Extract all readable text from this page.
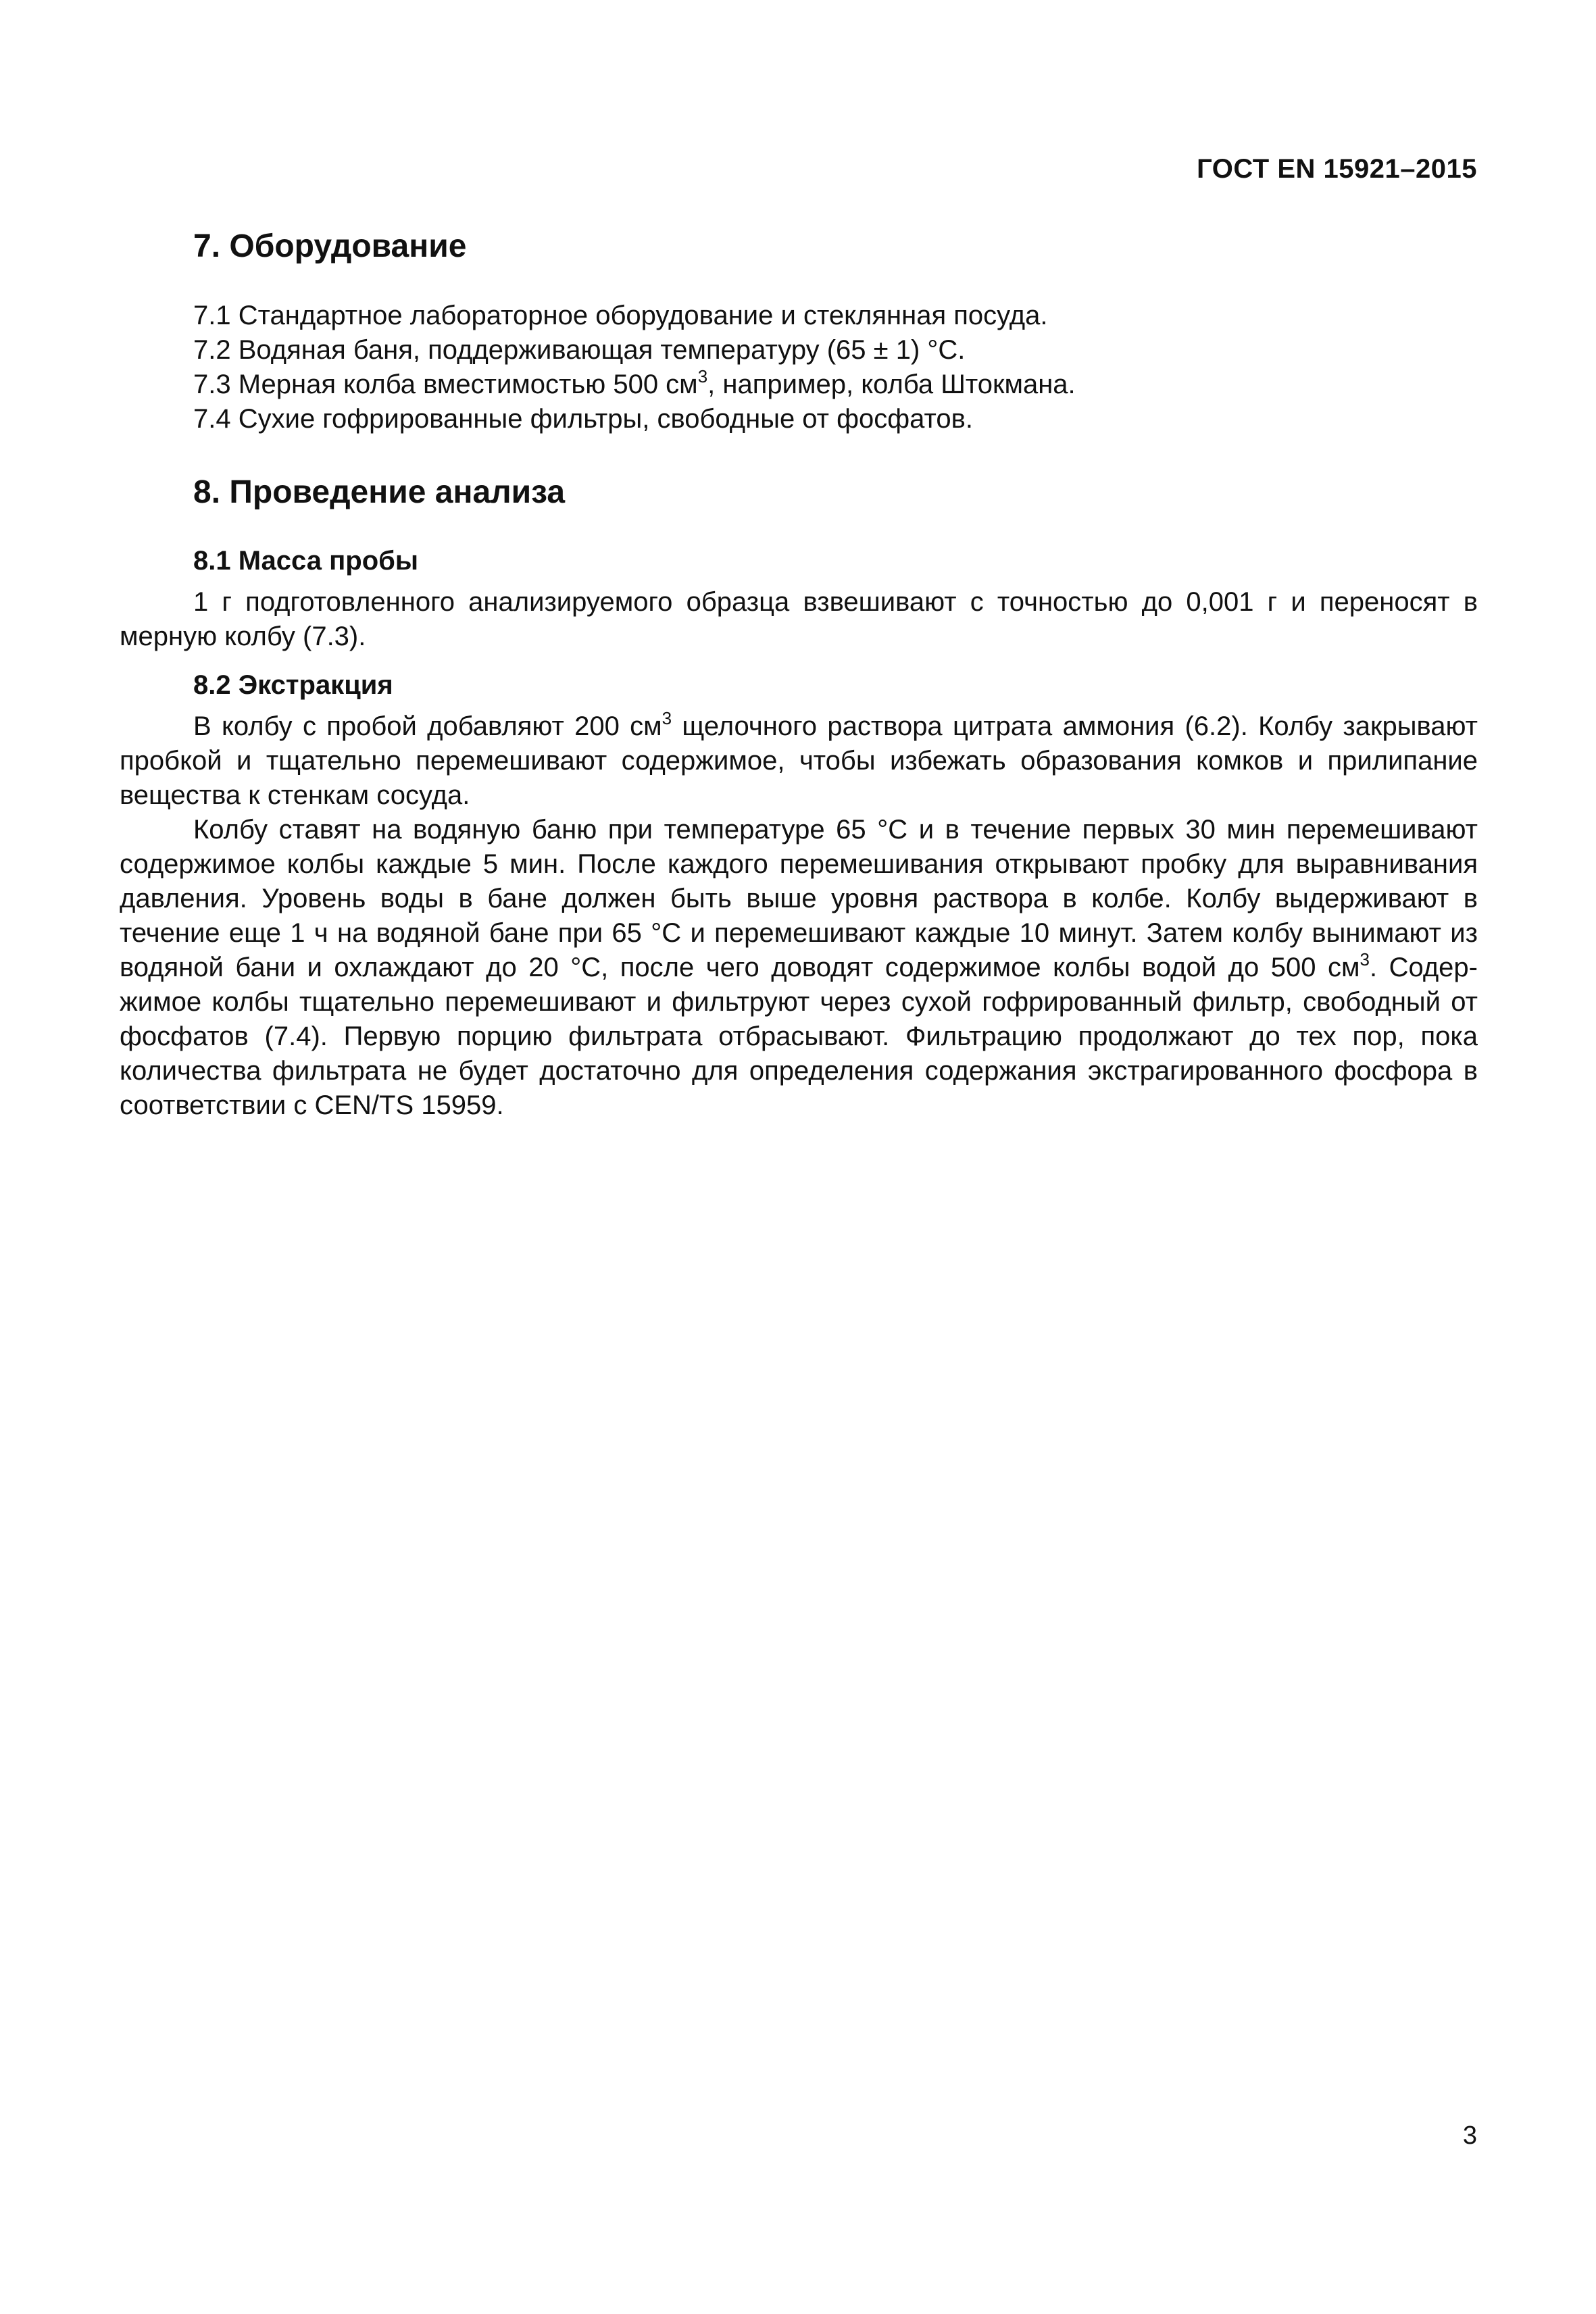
ГОСТ EN 15921–2015
7. Оборудование
7.1 Стандартное лабораторное оборудование и стеклянная посуда.
7.2 Водяная баня, поддерживающая температуру (65 ± 1) °С.
7.3 Мерная колба вместимостью 500 $см^3$, например, колба Штокмана.
7.4 Сухие гофрированные фильтры, свободные от фосфатов.
8. Проведение анализа
8.1 Масса пробы

1 г подготовленного анализируемого образца взвешивают с точностью до 0,001 г и переносят в мерную колбу (7.3).

8.2 Экстракция

В колбу с пробой добавляют 200 $см^3$ щелочного раствора цитрата аммония (6.2). Колбу закрывают пробкой и тщательно перемешивают содержимое, чтобы избежать образования комков и прилипание вещества к стенкам сосуда.

Колбу ставят на водяную баню при температуре 65 °С и в течение первых 30 мин перемешивают содержимое колбы каждые 5 мин. После каждого перемешивания открывают пробку для выравнивания давления. Уровень воды в бане должен быть выше уровня раствора в колбе. Колбу выдерживают в течение еще 1 ч на водяной бане при 65 °С и перемешивают каждые 10 минут. Затем колбу вынимают из водяной бани и охлаждают до 20 °С, после чего доводят содержимое колбы водой до 500 $см^3$. Содержимое колбы тщательно перемешивают и фильтруют через сухой гофрированный фильтр, свободный от фосфатов (7.4). Первую порцию фильтрата отбрасывают. Фильтрацию продолжают до тех пор, пока количества фильтрата не будет достаточно для определения содержания экстрагированного фосфора в соответствии с CEN/TS 15959.

3
